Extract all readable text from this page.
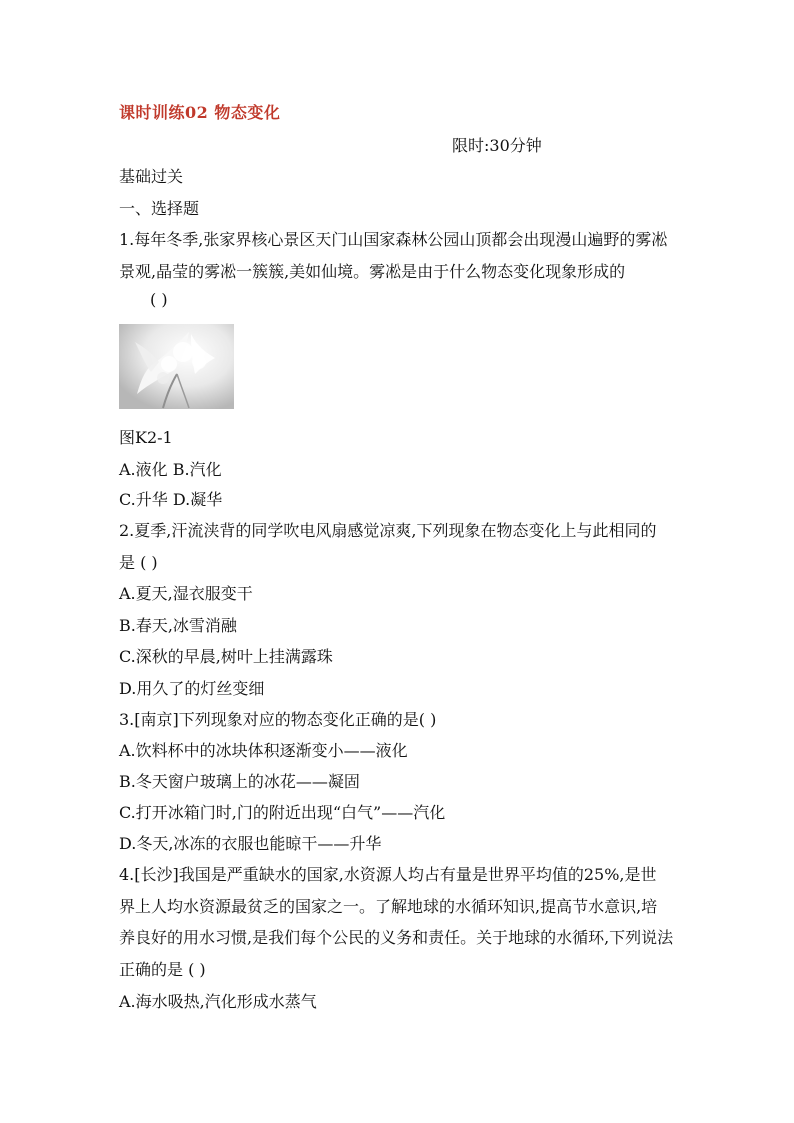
课时训练02 物态变化
限时:30分钟
基础过关
一、选择题
1.每年冬季,张家界核心景区天门山国家森林公园山顶都会出现漫山遍野的雾凇
景观,晶莹的雾凇一簇簇,美如仙境。雾凇是由于什么物态变化现象形成的
( )
图K2-1
A.液化 B.汽化
C.升华 D.凝华
2.夏季,汗流浃背的同学吹电风扇感觉凉爽,下列现象在物态变化上与此相同的
是 ( )
A.夏天,湿衣服变干
B.春天,冰雪消融
C.深秋的早晨,树叶上挂满露珠
D.用久了的灯丝变细
3.[南京]下列现象对应的物态变化正确的是( )
A.饮料杯中的冰块体积逐渐变小——液化
B.冬天窗户玻璃上的冰花——凝固
C.打开冰箱门时,门的附近出现“白气”——汽化
D.冬天,冰冻的衣服也能晾干——升华
4.[长沙]我国是严重缺水的国家,水资源人均占有量是世界平均值的25%,是世
界上人均水资源最贫乏的国家之一。了解地球的水循环知识,提高节水意识,培
养良好的用水习惯,是我们每个公民的义务和责任。关于地球的水循环,下列说法
正确的是 ( )
A.海水吸热,汽化形成水蒸气
